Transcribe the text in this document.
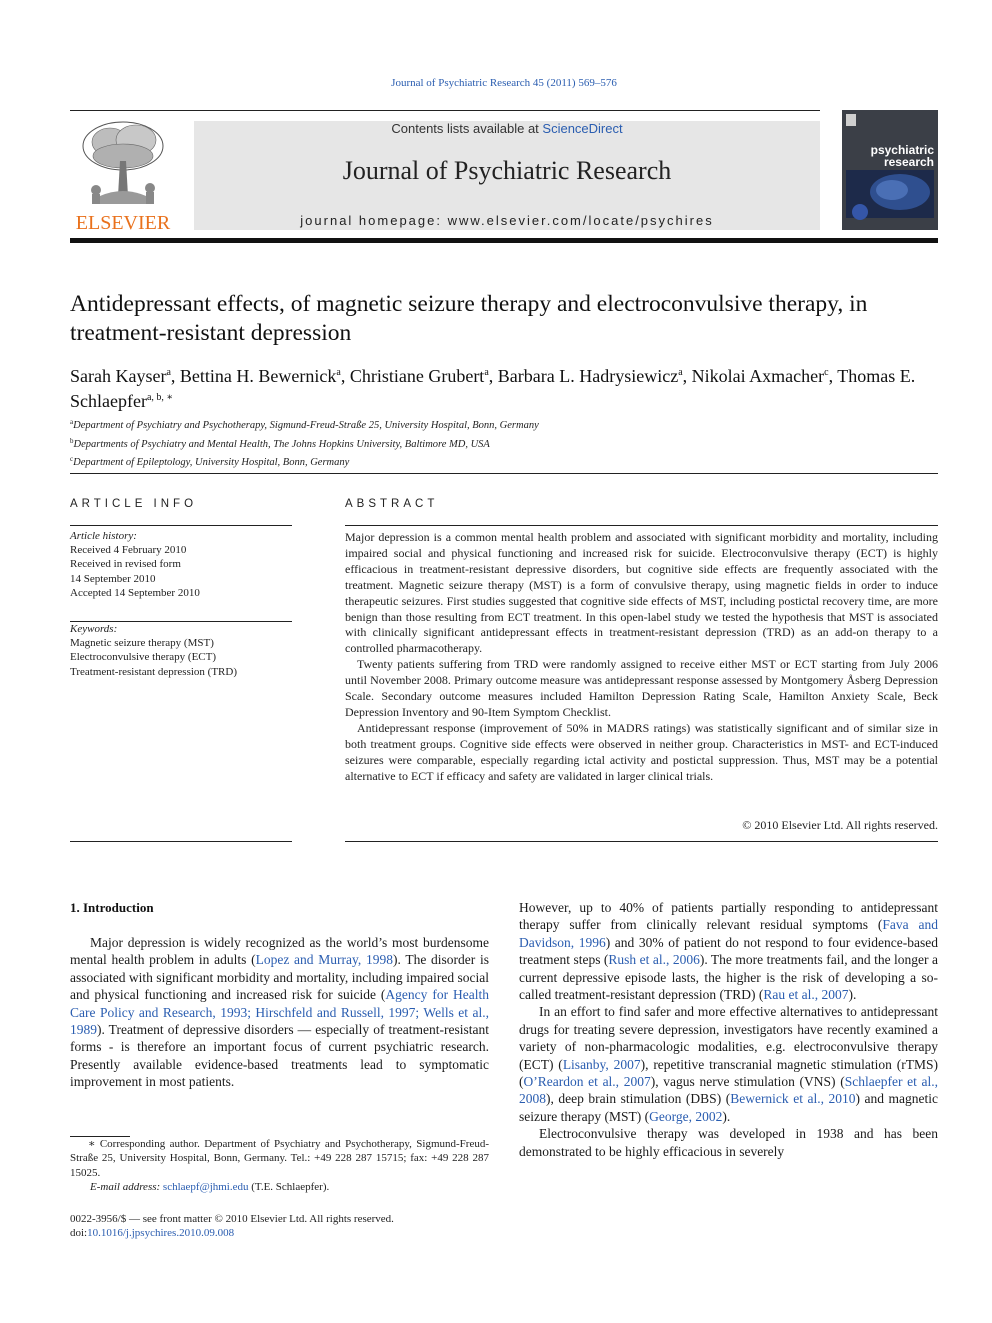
Journal of Psychiatric Research 45 (2011) 569–576
ELSEVIER
Contents lists available at ScienceDirect
Journal of Psychiatric Research
journal homepage: www.elsevier.com/locate/psychires
psychiatric
research
Antidepressant effects, of magnetic seizure therapy and electroconvulsive therapy, in treatment-resistant depression
Sarah Kayser$^a$, Bettina H. Bewernick$^a$, Christiane Grubert$^a$, Barbara L. Hadrysiewicz$^a$, Nikolai Axmacher$^c$, Thomas E. Schlaepfer$^{a, b, ∗}$
$^a$Department of Psychiatry and Psychotherapy, Sigmund-Freud-Straße 25, University Hospital, Bonn, Germany
$^b$Departments of Psychiatry and Mental Health, The Johns Hopkins University, Baltimore MD, USA
$^c$Department of Epileptology, University Hospital, Bonn, Germany
ARTICLE INFO
Article history:
Received 4 February 2010
Received in revised form
14 September 2010
Accepted 14 September 2010
Keywords:
Magnetic seizure therapy (MST)
Electroconvulsive therapy (ECT)
Treatment-resistant depression (TRD)
ABSTRACT

Major depression is a common mental health problem and associated with significant morbidity and mortality, including impaired social and physical functioning and increased risk for suicide. Electroconvulsive therapy (ECT) is highly efficacious in treatment-resistant depressive disorders, but cognitive side effects are frequently associated with the treatment. Magnetic seizure therapy (MST) is a form of convulsive therapy, using magnetic fields in order to induce therapeutic seizures. First studies suggested that cognitive side effects of MST, including postictal recovery time, are more benign than those resulting from ECT treatment. In this open-label study we tested the hypothesis that MST is associated with clinically significant antidepressant effects in treatment-resistant depression (TRD) as an add-on therapy to a controlled pharmacotherapy.

Twenty patients suffering from TRD were randomly assigned to receive either MST or ECT starting from July 2006 until November 2008. Primary outcome measure was antidepressant response assessed by Montgomery Åsberg Depression Scale. Secondary outcome measures included Hamilton Depression Rating Scale, Hamilton Anxiety Scale, Beck Depression Inventory and 90-Item Symptom Checklist.

Antidepressant response (improvement of 50% in MADRS ratings) was statistically significant and of similar size in both treatment groups. Cognitive side effects were observed in neither group. Characteristics in MST- and ECT-induced seizures were comparable, especially regarding ictal activity and postictal suppression. Thus, MST may be a potential alternative to ECT if efficacy and safety are validated in larger clinical trials.

© 2010 Elsevier Ltd. All rights reserved.
1. Introduction

Major depression is widely recognized as the world’s most burdensome mental health problem in adults (Lopez and Murray, 1998). The disorder is associated with significant morbidity and mortality, including impaired social and physical functioning and increased risk for suicide (Agency for Health Care Policy and Research, 1993; Hirschfeld and Russell, 1997; Wells et al., 1989). Treatment of depressive disorders — especially of treatment-resistant forms - is therefore an important focus of current psychiatric research. Presently available evidence-based treatments lead to symptomatic improvement in most patients.

However, up to 40% of patients partially responding to antidepressant therapy suffer from clinically relevant residual symptoms (Fava and Davidson, 1996) and 30% of patient do not respond to four evidence-based treatment steps (Rush et al., 2006). The more treatments fail, and the longer a current depressive episode lasts, the higher is the risk of developing a so-called treatment-resistant depression (TRD) (Rau et al., 2007).

In an effort to find safer and more effective alternatives to antidepressant drugs for treating severe depression, investigators have recently examined a variety of non-pharmacologic modalities, e.g. electroconvulsive therapy (ECT) (Lisanby, 2007), repetitive transcranial magnetic stimulation (rTMS) (O’Reardon et al., 2007), vagus nerve stimulation (VNS) (Schlaepfer et al., 2008), deep brain stimulation (DBS) (Bewernick et al., 2010) and magnetic seizure therapy (MST) (George, 2002).

Electroconvulsive therapy was developed in 1938 and has been demonstrated to be highly efficacious in severely

∗ Corresponding author. Department of Psychiatry and Psychotherapy, Sigmund-Freud-Straße 25, University Hospital, Bonn, Germany. Tel.: +49 228 287 15715; fax: +49 228 287 15025.
E-mail address: schlaepf@jhmi.edu (T.E. Schlaepfer).
0022-3956/$ — see front matter © 2010 Elsevier Ltd. All rights reserved.
doi:10.1016/j.jpsychires.2010.09.008
